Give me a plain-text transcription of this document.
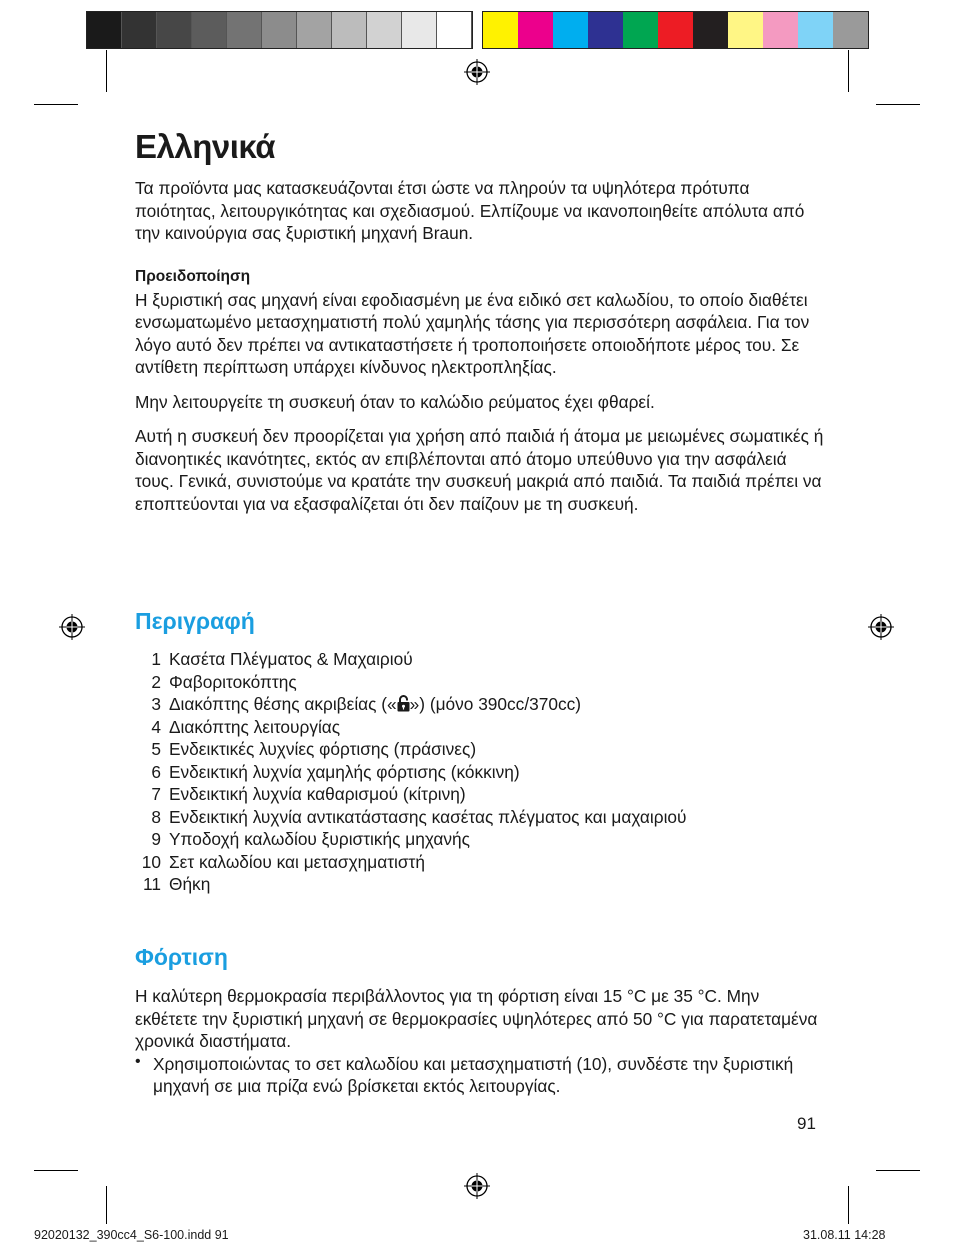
Ελληνικά

Τα προϊόντα μας κατασκευάζονται έτσι ώστε να πληρούν τα υψηλότερα πρότυπα ποιότητας, λειτουργικότητας και σχεδιασμού. Ελπίζουμε να ικανοποιηθείτε απόλυτα από την καινούργια σας ξυριστική μηχανή Braun.

Προειδοποίηση

Η ξυριστική σας μηχανή είναι εφοδιασμένη με ένα ειδικό σετ καλωδίου, το οποίο διαθέτει ενσωματωμένο μετασχηματιστή πολύ χαμηλής τάσης για περισσότερη ασφάλεια. Για τον λόγο αυτό δεν πρέπει να αντικαταστήσετε ή τροποποιήσετε οποιοδήποτε μέρος του. Σε αντίθετη περίπτωση υπάρχει κίνδυνος ηλεκτροπληξίας.

Μην λειτουργείτε τη συσκευή όταν το καλώδιο ρεύματος έχει φθαρεί.

Αυτή η συσκευή δεν προορίζεται για χρήση από παιδιά ή άτομα με μειωμένες σωματικές ή διανοητικές ικανότητες, εκτός αν επιβλέπονται από άτομο υπεύθυνο για την ασφάλειά τους. Γενικά, συνιστούμε να κρατάτε την συσκευή μακριά από παιδιά. Τα παιδιά πρέπει να εποπτεύονται για να εξασφαλίζεται ότι δεν παίζουν με τη συσκευή.

Περιγραφή
1 Κασέτα Πλέγματος & Μαχαιριού
2 Φαβοριτοκόπτης
3 Διακόπτης θέσης ακριβείας (« ») (μόνο 390cc/370cc)
4 Διακόπτης λειτουργίας
5 Ενδεικτικές λυχνίες φόρτισης (πράσινες)
6 Ενδεικτική λυχνία χαμηλής φόρτισης (κόκκινη)
7 Ενδεικτική λυχνία καθαρισμού (κίτρινη)
8 Ενδεικτική λυχνία αντικατάστασης κασέτας πλέγματος και μαχαιριού
9 Υποδοχή καλωδίου ξυριστικής μηχανής
10 Σετ καλωδίου και μετασχηματιστή
11 Θήκη
Φόρτιση

Η καλύτερη θερμοκρασία περιβάλλοντος για τη φόρτιση είναι 15 °C με 35 °C. Μην εκθέτετε την ξυριστική μηχανή σε θερμοκρασίες υψηλότερες από 50 °C για παρατεταμένα χρονικά διαστήματα.

• Χρησιμοποιώντας το σετ καλωδίου και μετασχηματιστή (10), συνδέστε την ξυριστική μηχανή σε μια πρίζα ενώ βρίσκεται εκτός λειτουργίας.

91
92020132_390cc4_S6-100.indd 91	31.08.11 14:28
